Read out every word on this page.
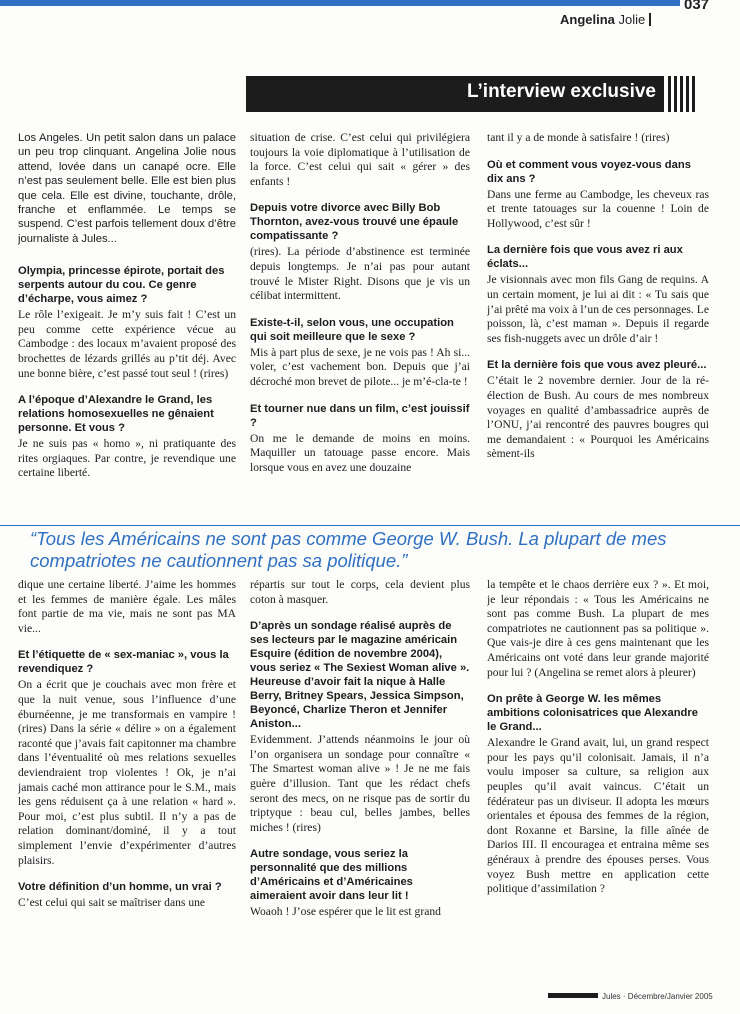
037
Angelina Jolie
L’interview exclusive

Los Angeles. Un petit salon dans un palace un peu trop clinquant. Angelina Jolie nous attend, lovée dans un canapé ocre. Elle n’est pas seulement belle. Elle est bien plus que cela. Elle est divine, touchante, drôle, franche et enflammée. Le temps se suspend. C’est parfois tellement doux d’être journaliste à Jules...

Olympia, princesse épirote, portait des serpents autour du cou. Ce genre d’écharpe, vous aimez ?

Le rôle l’exigeait. Je m’y suis fait ! C’est un peu comme cette expérience vécue au Cambodge : des locaux m’avaient proposé des brochettes de lézards grillés au p’tit déj. Avec une bonne bière, c’est passé tout seul ! (rires)

A l’époque d’Alexandre le Grand, les relations homosexuelles ne gênaient personne. Et vous ?

Je ne suis pas « homo », ni pratiquante des rites orgiaques. Par contre, je revendique une certaine liberté.

situation de crise. C’est celui qui privilégiera toujours la voie diplomatique à l’utilisation de la force. C’est celui qui sait « gérer » des enfants !

Depuis votre divorce avec Billy Bob Thornton, avez-vous trouvé une épaule compatissante ?

(rires). La période d’abstinence est terminée depuis longtemps. Je n’ai pas pour autant trouvé le Mister Right. Disons que je vis un célibat intermittent.

Existe-t-il, selon vous, une occupation qui soit meilleure que le sexe ?

Mis à part plus de sexe, je ne vois pas ! Ah si... voler, c’est vachement bon. Depuis que j’ai décroché mon brevet de pilote... je m’é-cla-te !

Et tourner nue dans un film, c’est jouissif ?

On me le demande de moins en moins. Maquiller un tatouage passe encore. Mais lorsque vous en avez une douzaine

tant il y a de monde à satisfaire ! (rires)

Où et comment vous voyez-vous dans dix ans ?

Dans une ferme au Cambodge, les cheveux ras et trente tatouages sur la couenne ! Loin de Hollywood, c’est sûr !

La dernière fois que vous avez ri aux éclats...

Je visionnais avec mon fils Gang de requins. A un certain moment, je lui ai dit : « Tu sais que j’ai prêté ma voix à l’un de ces personnages. Le poisson, là, c’est maman ». Depuis il regarde ses fish-nuggets avec un drôle d’air !

Et la dernière fois que vous avez pleuré...

C’était le 2 novembre dernier. Jour de la ré-élection de Bush. Au cours de mes nombreux voyages en qualité d’ambassadrice auprès de l’ONU, j’ai rencontré des pauvres bougres qui me demandaient : « Pourquoi les Américains sèment-ils

“Tous les Américains ne sont pas comme George W. Bush. La plupart de mes compatriotes ne cautionnent pas sa politique.”

dique une certaine liberté. J’aime les hommes et les femmes de manière égale. Les mâles font partie de ma vie, mais ne sont pas MA vie...

Et l’étiquette de « sex-maniac », vous la revendiquez ?

On a écrit que je couchais avec mon frère et que la nuit venue, sous l’influence d’une éburnéenne, je me transformais en vampire ! (rires) Dans la série « délire » on a également raconté que j’avais fait capitonner ma chambre dans l’éventualité où mes relations sexuelles deviendraient trop violentes ! Ok, je n’ai jamais caché mon attirance pour le S.M., mais les gens réduisent ça à une relation « hard ». Pour moi, c’est plus subtil. Il n’y a pas de relation dominant/dominé, il y a tout simplement l’envie d’expérimenter d’autres plaisirs.

Votre définition d’un homme, un vrai ?

C’est celui qui sait se maîtriser dans une

répartis sur tout le corps, cela devient plus coton à masquer.

D’après un sondage réalisé auprès de ses lecteurs par le magazine américain Esquire (édition de novembre 2004), vous seriez « The Sexiest Woman alive ». Heureuse d’avoir fait la nique à Halle Berry, Britney Spears, Jessica Simpson, Beyoncé, Charlize Theron et Jennifer Aniston...

Evidemment. J’attends néanmoins le jour où l’on organisera un sondage pour connaître « The Smartest woman alive » ! Je ne me fais guère d’illusion. Tant que les rédact chefs seront des mecs, on ne risque pas de sortir du triptyque : beau cul, belles jambes, belles miches ! (rires)

Autre sondage, vous seriez la personnalité que des millions d’Américains et d’Américaines aimeraient avoir dans leur lit !

Woaoh ! J’ose espérer que le lit est grand

la tempête et le chaos derrière eux ? ». Et moi, je leur répondais : « Tous les Américains ne sont pas comme Bush. La plupart de mes compatriotes ne cautionnent pas sa politique ». Que vais-je dire à ces gens maintenant que les Américains ont voté dans leur grande majorité pour lui ? (Angelina se remet alors à pleurer)

On prête à George W. les mêmes ambitions colonisatrices que Alexandre le Grand...

Alexandre le Grand avait, lui, un grand respect pour les pays qu’il colonisait. Jamais, il n’a voulu imposer sa culture, sa religion aux peuples qu’il avait vaincus. C’était un fédérateur pas un diviseur. Il adopta les mœurs orientales et épousa des femmes de la région, dont Roxanne et Barsine, la fille aînée de Darios III. Il encouragea et entraina même ses généraux à prendre des épouses perses. Vous voyez Bush mettre en application cette politique d’assimilation ?

Jules · Décembre/Janvier 2005
